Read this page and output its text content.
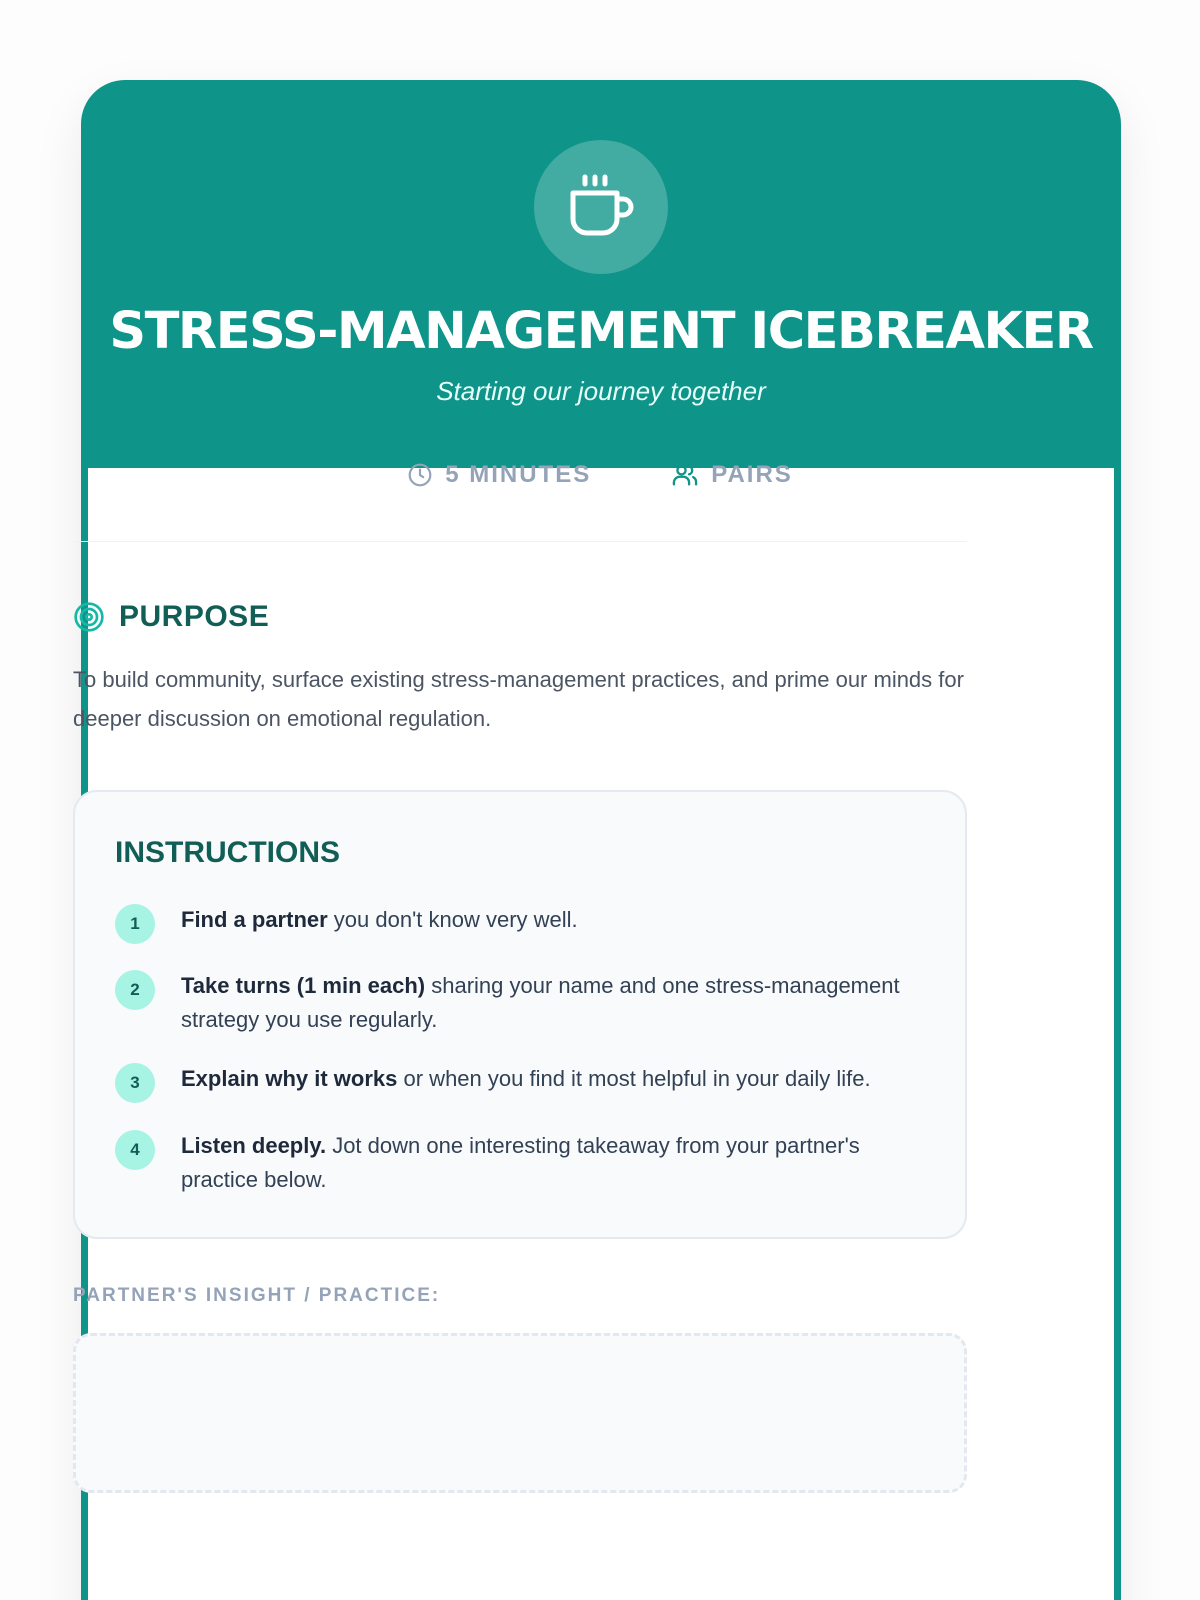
STRESS-MANAGEMENT ICEBREAKER
Starting our journey together
5 MINUTES	PAIRS
PURPOSE

To build community, surface existing stress-management practices, and prime our minds for deeper discussion on emotional regulation.

INSTRUCTIONS
1	Find a partner you don't know very well.
2	Take turns (1 min each) sharing your name and one stress-management strategy you use regularly.
3	Explain why it works or when you find it most helpful in your daily life.
4	Listen deeply. Jot down one interesting takeaway from your partner's practice below.
PARTNER'S INSIGHT / PRACTICE:
